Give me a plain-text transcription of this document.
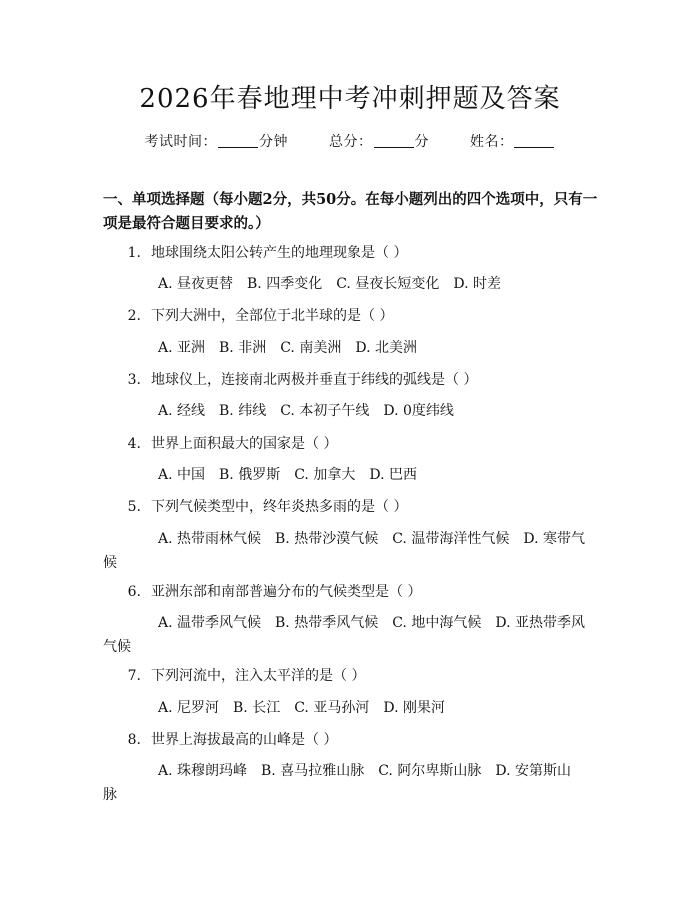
2026年春地理中考冲刺押题及答案
考试时间：	分钟	总分：	分	姓名：
一、单项选择题（每小题2分，共50分。在每小题列出的四个选项中，只有一项是最符合题目要求的。）
1. 地球围绕太阳公转产生的地理现象是（ ）
A. 昼夜更替 B. 四季变化 C. 昼夜长短变化 D. 时差
2. 下列大洲中，全部位于北半球的是（ ）
A. 亚洲 B. 非洲 C. 南美洲 D. 北美洲
3. 地球仪上，连接南北两极并垂直于纬线的弧线是（ ）
A. 经线 B. 纬线 C. 本初子午线 D. 0度纬线
4. 世界上面积最大的国家是（ ）
A. 中国 B. 俄罗斯 C. 加拿大 D. 巴西
5. 下列气候类型中，终年炎热多雨的是（ ）
A. 热带雨林气候 B. 热带沙漠气候 C. 温带海洋性气候 D. 寒带气候
6. 亚洲东部和南部普遍分布的气候类型是（ ）
A. 温带季风气候 B. 热带季风气候 C. 地中海气候 D. 亚热带季风气候
7. 下列河流中，注入太平洋的是（ ）
A. 尼罗河 B. 长江 C. 亚马孙河 D. 刚果河
8. 世界上海拔最高的山峰是（ ）
A. 珠穆朗玛峰 B. 喜马拉雅山脉 C. 阿尔卑斯山脉 D. 安第斯山脉
